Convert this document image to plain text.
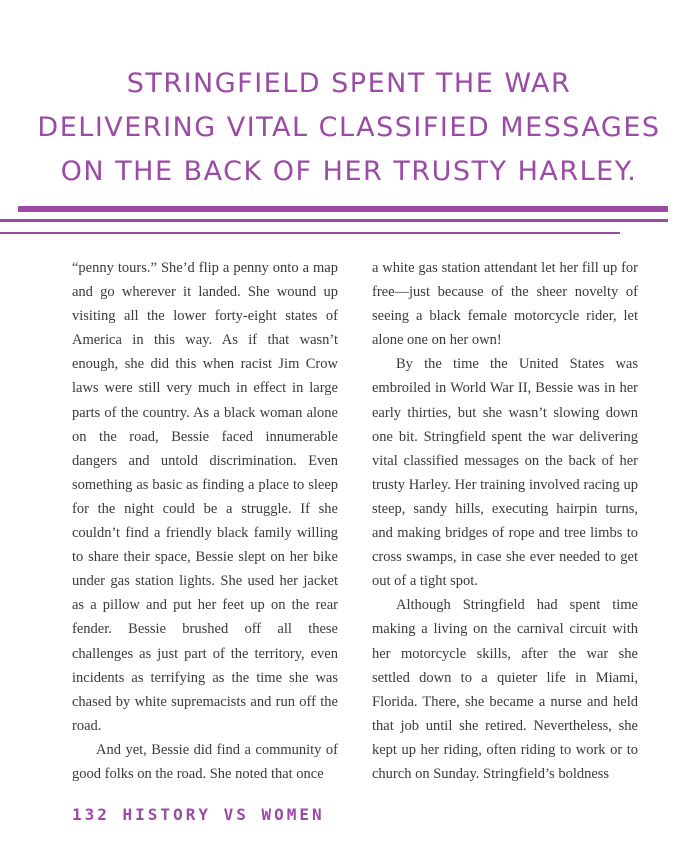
STRINGFIELD SPENT THE WAR
DELIVERING VITAL CLASSIFIED MESSAGES
ON THE BACK OF HER TRUSTY HARLEY.

“penny tours.” She’d flip a penny onto a map and go wherever it landed. She wound up visiting all the lower forty-eight states of America in this way. As if that wasn’t enough, she did this when racist Jim Crow laws were still very much in effect in large parts of the country. As a black woman alone on the road, Bessie faced innumerable dangers and untold discrimination. Even something as basic as finding a place to sleep for the night could be a struggle. If she couldn’t find a friendly black family willing to share their space, Bessie slept on her bike under gas station lights. She used her jacket as a pillow and put her feet up on the rear fender. Bessie brushed off all these challenges as just part of the territory, even incidents as terrifying as the time she was chased by white supremacists and run off the road.

And yet, Bessie did find a community of good folks on the road. She noted that once

a white gas station attendant let her fill up for free—just because of the sheer novelty of seeing a black female motorcycle rider, let alone one on her own!

By the time the United States was embroiled in World War II, Bessie was in her early thirties, but she wasn’t slowing down one bit. Stringfield spent the war delivering vital classified messages on the back of her trusty Harley. Her training involved racing up steep, sandy hills, executing hairpin turns, and making bridges of rope and tree limbs to cross swamps, in case she ever needed to get out of a tight spot.

Although Stringfield had spent time making a living on the carnival circuit with her motorcycle skills, after the war she settled down to a quieter life in Miami, Florida. There, she became a nurse and held that job until she retired. Nevertheless, she kept up her riding, often riding to work or to church on Sunday. Stringfield’s boldness

132 HISTORY VS WOMEN
